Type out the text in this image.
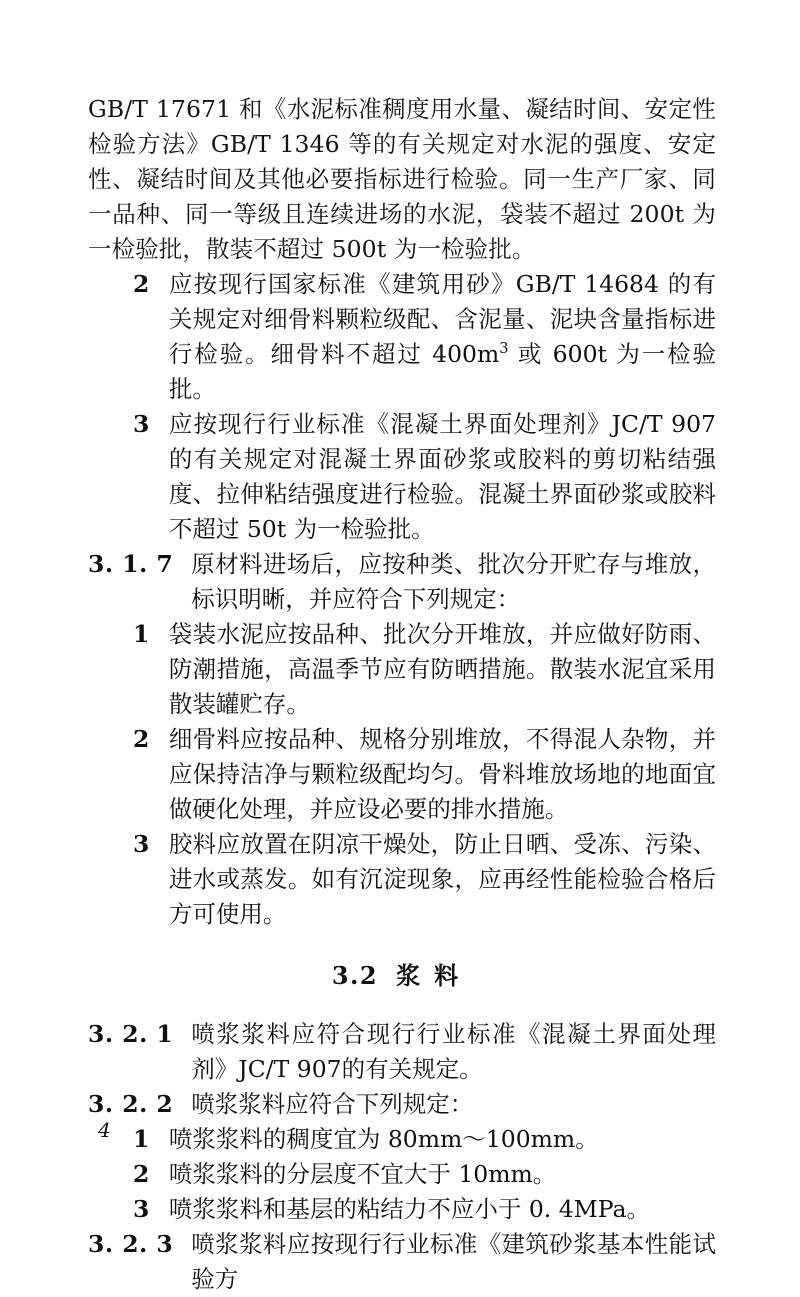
GB/T 17671 和《水泥标准稠度用水量、凝结时间、安定性检验方法》GB/T 1346 等的有关规定对水泥的强度、安定性、凝结时间及其他必要指标进行检验。同一生产厂家、同一品种、同一等级且连续进场的水泥，袋装不超过 200t 为一检验批，散装不超过 500t 为一检验批。

2 应按现行国家标准《建筑用砂》GB/T 14684 的有关规定对细骨料颗粒级配、含泥量、泥块含量指标进行检验。细骨料不超过 $400m^3$ 或 600t 为一检验批。
3 应按现行行业标准《混凝土界面处理剂》JC/T 907 的有关规定对混凝土界面砂浆或胶料的剪切粘结强度、拉伸粘结强度进行检验。混凝土界面砂浆或胶料不超过 50t 为一检验批。
3. 1. 7 原材料进场后，应按种类、批次分开贮存与堆放，标识明晰，并应符合下列规定：
1 袋装水泥应按品种、批次分开堆放，并应做好防雨、防潮措施，高温季节应有防晒措施。散装水泥宜采用散装罐贮存。
2 细骨料应按品种、规格分别堆放，不得混人杂物，并应保持洁净与颗粒级配均匀。骨料堆放场地的地面宜做硬化处理，并应设必要的排水措施。
3 胶料应放置在阴凉干燥处，防止日晒、受冻、污染、进水或蒸发。如有沉淀现象，应再经性能检验合格后方可使用。
3.2 浆料
3. 2. 1 喷浆浆料应符合现行行业标准《混凝土界面处理剂》JC/T 907的有关规定。
3. 2. 2 喷浆浆料应符合下列规定：
1 喷浆浆料的稠度宜为 80mm～100mm。
2 喷浆浆料的分层度不宜大于 10mm。
3 喷浆浆料和基层的粘结力不应小于 0. 4MPa。
3. 2. 3 喷浆浆料应按现行行业标准《建筑砂浆基本性能试验方
4
